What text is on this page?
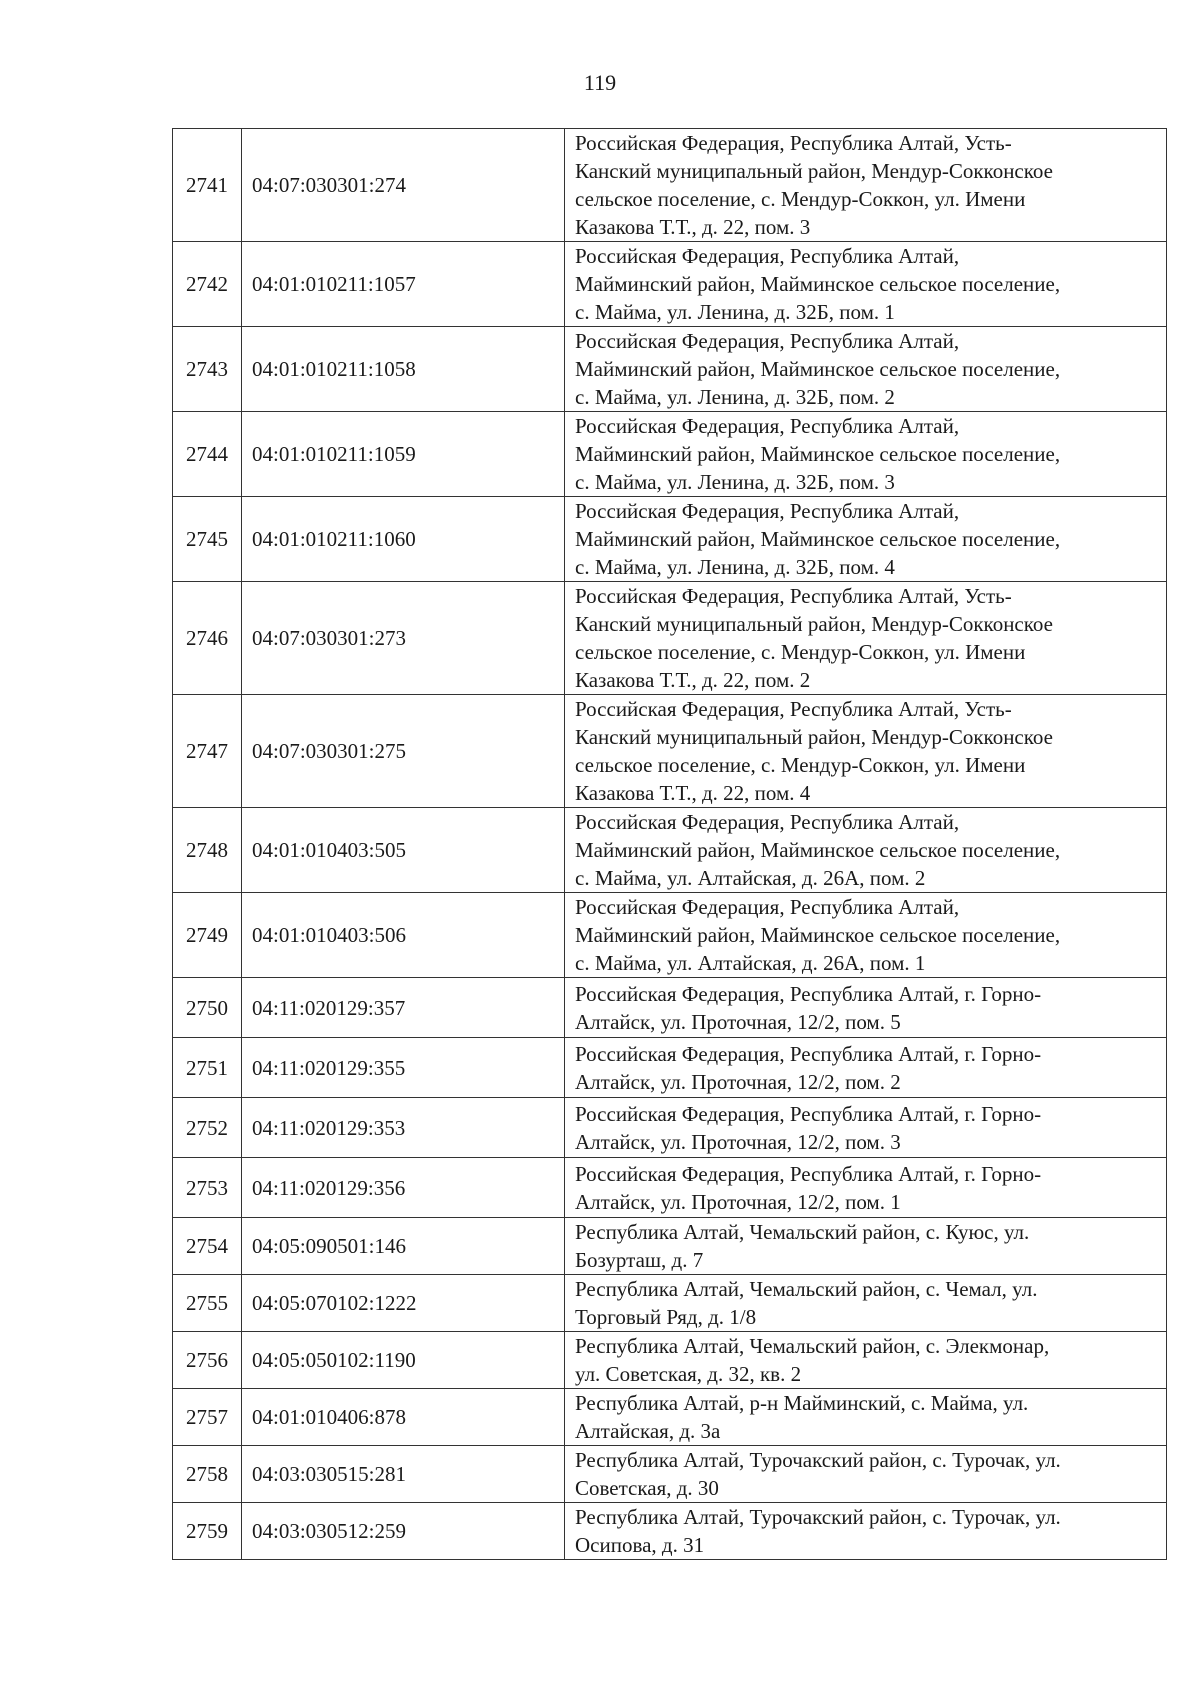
119
2741	04:07:030301:274	Российская Федерация, Республика Алтай, Усть-
Канский муниципальный район, Мендур-Сокконское
сельское поселение, с. Мендур-Соккон, ул. Имени
Казакова Т.Т., д. 22, пом. 3

2742	04:01:010211:1057	Российская Федерация, Республика Алтай,
Майминский район, Майминское сельское поселение,
с. Майма, ул. Ленина, д. 32Б, пом. 1

2743	04:01:010211:1058	Российская Федерация, Республика Алтай,
Майминский район, Майминское сельское поселение,
с. Майма, ул. Ленина, д. 32Б, пом. 2

2744	04:01:010211:1059	Российская Федерация, Республика Алтай,
Майминский район, Майминское сельское поселение,
с. Майма, ул. Ленина, д. 32Б, пом. 3

2745	04:01:010211:1060	Российская Федерация, Республика Алтай,
Майминский район, Майминское сельское поселение,
с. Майма, ул. Ленина, д. 32Б, пом. 4

2746	04:07:030301:273	Российская Федерация, Республика Алтай, Усть-
Канский муниципальный район, Мендур-Сокконское
сельское поселение, с. Мендур-Соккон, ул. Имени
Казакова Т.Т., д. 22, пом. 2

2747	04:07:030301:275	Российская Федерация, Республика Алтай, Усть-
Канский муниципальный район, Мендур-Сокконское
сельское поселение, с. Мендур-Соккон, ул. Имени
Казакова Т.Т., д. 22, пом. 4

2748	04:01:010403:505	Российская Федерация, Республика Алтай,
Майминский район, Майминское сельское поселение,
с. Майма, ул. Алтайская, д. 26А, пом. 2

2749	04:01:010403:506	Российская Федерация, Республика Алтай,
Майминский район, Майминское сельское поселение,
с. Майма, ул. Алтайская, д. 26А, пом. 1

2750	04:11:020129:357	Российская Федерация, Республика Алтай, г. Горно-
Алтайск, ул. Проточная, 12/2, пом. 5

2751	04:11:020129:355	Российская Федерация, Республика Алтай, г. Горно-
Алтайск, ул. Проточная, 12/2, пом. 2

2752	04:11:020129:353	Российская Федерация, Республика Алтай, г. Горно-
Алтайск, ул. Проточная, 12/2, пом. 3

2753	04:11:020129:356	Российская Федерация, Республика Алтай, г. Горно-
Алтайск, ул. Проточная, 12/2, пом. 1

2754	04:05:090501:146	Республика Алтай, Чемальский район, с. Куюс, ул.
Бозурташ, д. 7

2755	04:05:070102:1222	Республика Алтай, Чемальский район, с. Чемал, ул.
Торговый Ряд, д. 1/8

2756	04:05:050102:1190	Республика Алтай, Чемальский район, с. Элекмонар,
ул. Советская, д. 32, кв. 2

2757	04:01:010406:878	Республика Алтай, р-н Майминский, с. Майма, ул.
Алтайская, д. 3а

2758	04:03:030515:281	Республика Алтай, Турочакский район, с. Турочак, ул.
Советская, д. 30

2759	04:03:030512:259	Республика Алтай, Турочакский район, с. Турочак, ул.
Осипова, д. 31
